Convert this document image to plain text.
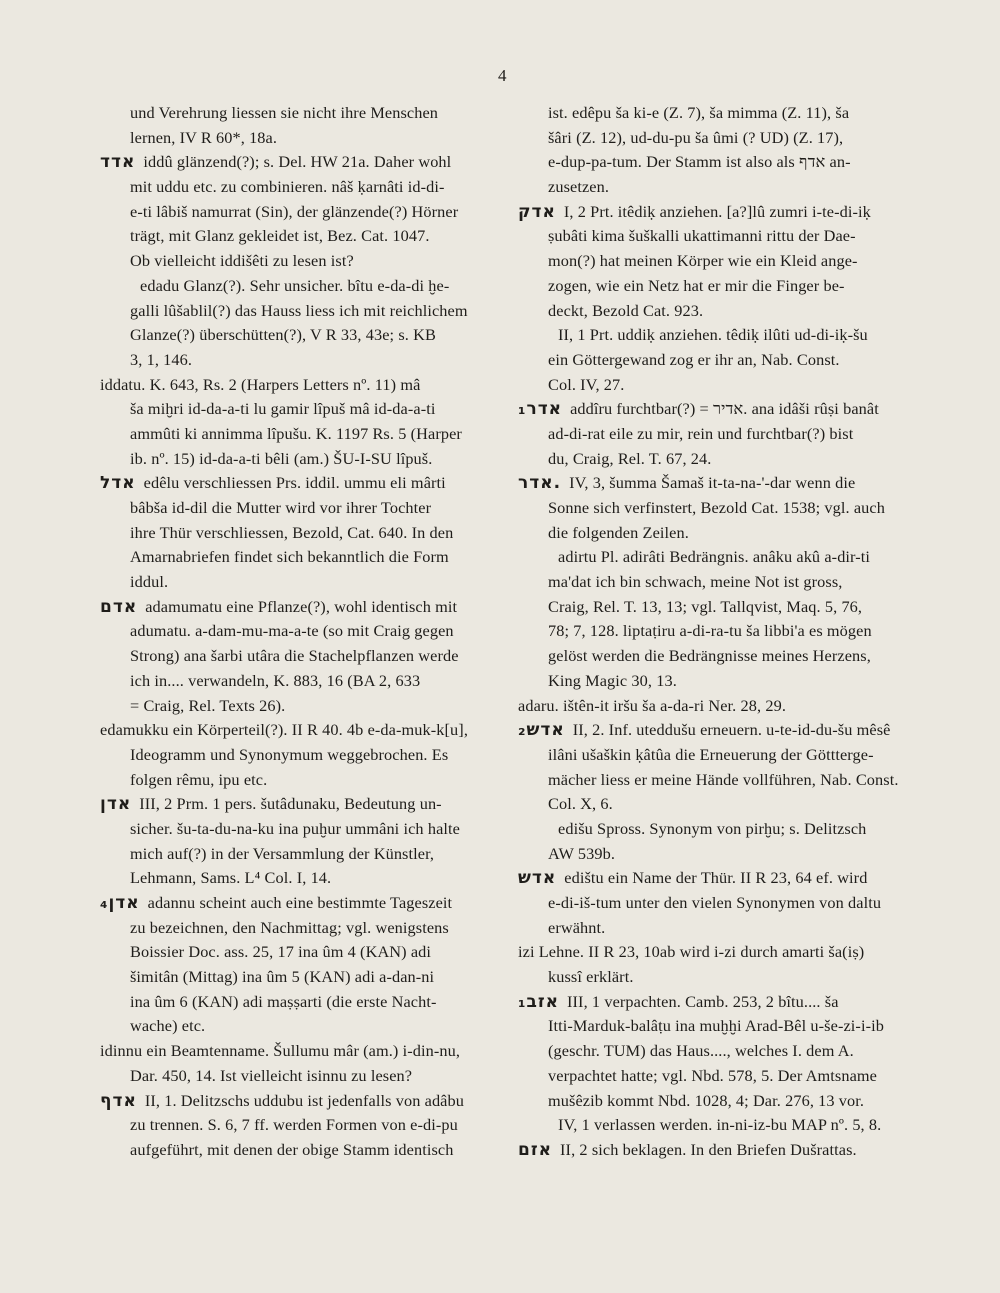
4
und Verehrung liessen sie nicht ihre Menschen
lernen, IV R 60*, 18a.
אדד iddû glänzend(?); s. Del. HW 21a. Daher wohl
mit uddu etc. zu combinieren. nâš ḳarnâti id-di-
e-ti lâbiš namurrat (Sin), der glänzende(?) Hörner
trägt, mit Glanz gekleidet ist, Bez. Cat. 1047.
Ob vielleicht iddišêti zu lesen ist?
edadu Glanz(?). Sehr unsicher. bîtu e-da-di ḫe-
galli lûšablil(?) das Hauss liess ich mit reichlichem
Glanze(?) überschütten(?), V R 33, 43e; s. KB
3, 1, 146.
iddatu. K. 643, Rs. 2 (Harpers Letters nº. 11) mâ
ša miḫri id-da-a-ti lu gamir lîpuš mâ id-da-a-ti
ammûti ki annimma lîpušu. K. 1197 Rs. 5 (Harper
ib. nº. 15) id-da-a-ti bêli (am.) ŠU-I-SU lîpuš.
אדל edêlu verschliessen Prs. iddil. ummu eli mârti
bâbša id-dil die Mutter wird vor ihrer Tochter
ihre Thür verschliessen, Bezold, Cat. 640. In den
Amarnabriefen findet sich bekanntlich die Form
iddul.
אדם adamumatu eine Pflanze(?), wohl identisch mit
adumatu. a-dam-mu-ma-a-te (so mit Craig gegen
Strong) ana šarbi utâra die Stachelpflanzen werde
ich in.... verwandeln, K. 883, 16 (BA 2, 633
= Craig, Rel. Texts 26).
edamukku ein Körperteil(?). II R 40. 4b e-da-muk-k[u],
Ideogramm und Synonymum weggebrochen. Es
folgen rêmu, ipu etc.
אדן III, 2 Prm. 1 pers. šutâdunaku, Bedeutung un-
sicher. šu-ta-du-na-ku ina puḫur ummâni ich halte
mich auf(?) in der Versammlung der Künstler,
Lehmann, Sams. L⁴ Col. I, 14.
אדן₄ adannu scheint auch eine bestimmte Tageszeit
zu bezeichnen, den Nachmittag; vgl. wenigstens
Boissier Doc. ass. 25, 17 ina ûm 4 (KAN) adi
šimitân (Mittag) ina ûm 5 (KAN) adi a-dan-ni
ina ûm 6 (KAN) adi maṣṣarti (die erste Nacht-
wache) etc.
idinnu ein Beamtenname. Šullumu mâr (am.) i-din-nu,
Dar. 450, 14. Ist vielleicht isinnu zu lesen?
אדף II, 1. Delitzschs uddubu ist jedenfalls von adâbu
zu trennen. S. 6, 7 ff. werden Formen von e-di-pu
aufgeführt, mit denen der obige Stamm identisch
ist. edêpu ša ki-e (Z. 7), ša mimma (Z. 11), ša
šâri (Z. 12), ud-du-pu ša ûmi (? UD) (Z. 17),
e-dup-pa-tum. Der Stamm ist also als אדף an-
zusetzen.
אדק I, 2 Prt. itêdiḳ anziehen. [a?]lû zumri i-te-di-iḳ
ṣubâti kima šuškalli ukattimanni rittu der Dae-
mon(?) hat meinen Körper wie ein Kleid ange-
zogen, wie ein Netz hat er mir die Finger be-
deckt, Bezold Cat. 923.
II, 1 Prt. uddiḳ anziehen. têdiḳ ilûti ud-di-iḳ-šu
ein Göttergewand zog er ihr an, Nab. Const.
Col. IV, 27.
אדר₁ addîru furchtbar(?) = אדיר. ana idâši rûṣi banât
ad-di-rat eile zu mir, rein und furchtbar(?) bist
du, Craig, Rel. T. 67, 24.
אדר. IV, 3, šumma Šamaš it-ta-na-'-dar wenn die
Sonne sich verfinstert, Bezold Cat. 1538; vgl. auch
die folgenden Zeilen.
adirtu Pl. adirâti Bedrängnis. anâku akû a-dir-ti
ma'dat ich bin schwach, meine Not ist gross,
Craig, Rel. T. 13, 13; vgl. Tallqvist, Maq. 5, 76,
78; 7, 128. liptaṭiru a-di-ra-tu ša libbi'a es mögen
gelöst werden die Bedrängnisse meines Herzens,
King Magic 30, 13.
adaru. ištên-it iršu ša a-da-ri Ner. 28, 29.
אדש₂ II, 2. Inf. uteddušu erneuern. u-te-id-du-šu mêsê
ilâni ušaškin ḳâtûa die Erneuerung der Göttterge-
mächer liess er meine Hände vollführen, Nab. Const.
Col. X, 6.
edišu Spross. Synonym von pirḫu; s. Delitzsch
AW 539b.
אדש edištu ein Name der Thür. II R 23, 64 ef. wird
e-di-iš-tum unter den vielen Synonymen von daltu
erwähnt.
izi Lehne. II R 23, 10ab wird i-zi durch amarti ša(iṣ)
kussî erklärt.
אזב₁ III, 1 verpachten. Camb. 253, 2 bîtu.... ša
Itti-Marduk-balâṭu ina muḫḫi Arad-Bêl u-še-zi-i-ib
(geschr. TUM) das Haus...., welches I. dem A.
verpachtet hatte; vgl. Nbd. 578, 5. Der Amtsname
mušêzib kommt Nbd. 1028, 4; Dar. 276, 13 vor.
IV, 1 verlassen werden. in-ni-iz-bu MAP nº. 5, 8.
אזם II, 2 sich beklagen. In den Briefen Dušrattas.
